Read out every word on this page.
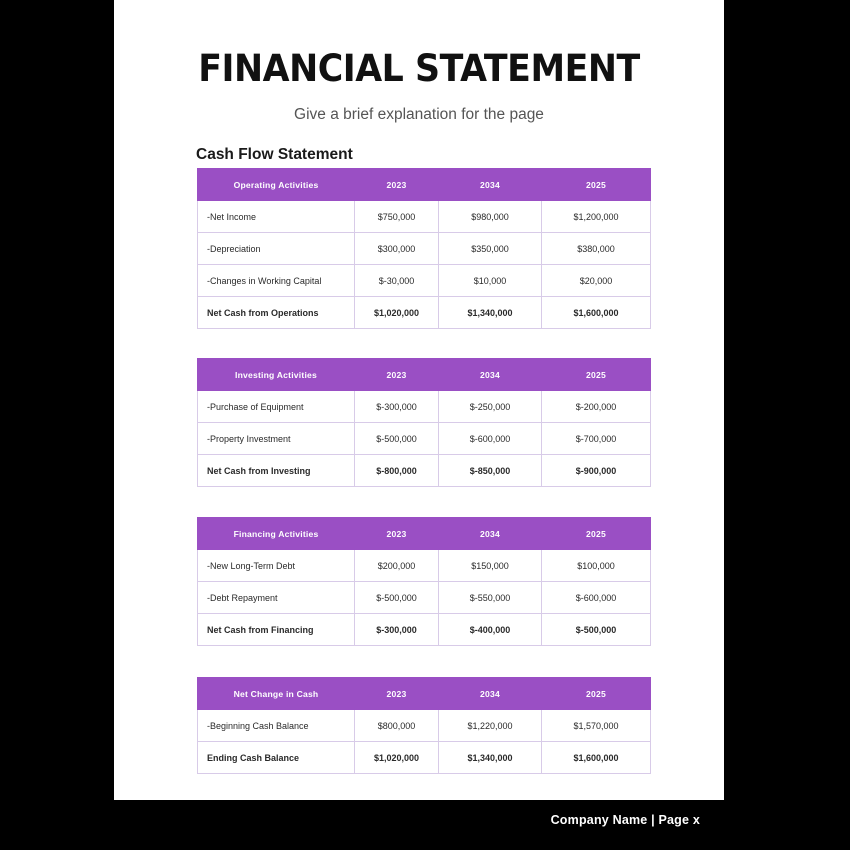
FINANCIAL STATEMENT
Give a brief explanation for the page
Cash Flow Statement
Operating Activities	2023	2034	2025
-Net Income	$750,000	$980,000	$1,200,000
-Depreciation	$300,000	$350,000	$380,000
-Changes in Working Capital	$-30,000	$10,000	$20,000
Net Cash from Operations	$1,020,000	$1,340,000	$1,600,000
Investing Activities	2023	2034	2025
-Purchase of Equipment	$-300,000	$-250,000	$-200,000
-Property Investment	$-500,000	$-600,000	$-700,000
Net Cash from Investing	$-800,000	$-850,000	$-900,000
Financing Activities	2023	2034	2025
-New Long-Term Debt	$200,000	$150,000	$100,000
-Debt Repayment	$-500,000	$-550,000	$-600,000
Net Cash from Financing	$-300,000	$-400,000	$-500,000
Net Change in Cash	2023	2034	2025
-Beginning Cash Balance	$800,000	$1,220,000	$1,570,000
Ending Cash Balance	$1,020,000	$1,340,000	$1,600,000
Company Name | Page x
